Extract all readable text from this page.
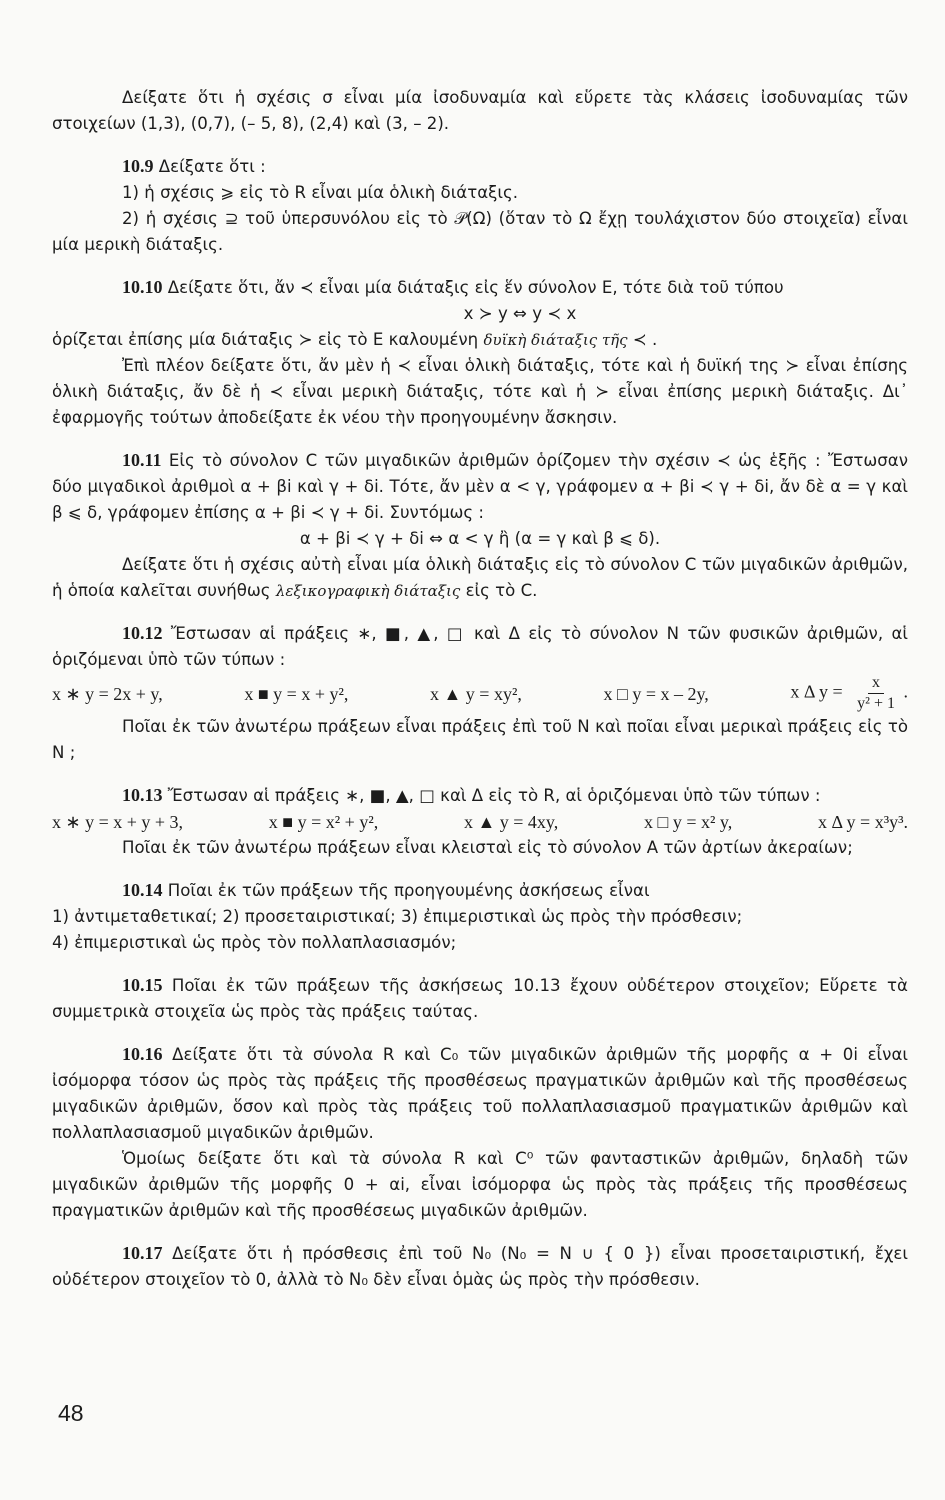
Δείξατε ὅτι ἡ σχέσις σ εἶναι μία ἰσοδυναμία καὶ εὕρετε τὰς κλάσεις ἰσοδυναμίας τῶν στοιχείων (1,3), (0,7), (– 5, 8), (2,4) καὶ (3, – 2).

10.9 Δείξατε ὅτι :

1) ἡ σχέσις ⩾ εἰς τὸ R εἶναι μία ὁλικὴ διάταξις.

2) ἡ σχέσις ⊇ τοῦ ὑπερσυνόλου εἰς τὸ 𝒫(Ω) (ὅταν τὸ Ω ἔχῃ τουλάχιστον δύο στοιχεῖα) εἶναι μία μερικὴ διάταξις.

10.10 Δείξατε ὅτι, ἄν ≺ εἶναι μία διάταξις εἰς ἕν σύνολον Ε, τότε διὰ τοῦ τύπου

x ≻ y ⇔ y ≺ x

ὁρίζεται ἐπίσης μία διάταξις ≻ εἰς τὸ Ε καλουμένη δυϊκὴ διάταξις τῆς ≺ .

Ἐπὶ πλέον δείξατε ὅτι, ἄν μὲν ἡ ≺ εἶναι ὁλικὴ διάταξις, τότε καὶ ἡ δυϊκή της ≻ εἶναι ἐπίσης ὁλικὴ διάταξις, ἄν δὲ ἡ ≺ εἶναι μερικὴ διάταξις, τότε καὶ ἡ ≻ εἶναι ἐπίσης μερικὴ διάταξις. Δι᾽ ἐφαρμογῆς τούτων ἀποδείξατε ἐκ νέου τὴν προηγουμένην ἄσκησιν.

10.11 Εἰς τὸ σύνολον C τῶν μιγαδικῶν ἀριθμῶν ὁρίζομεν τὴν σχέσιν ≺ ὡς ἑξῆς : Ἔστωσαν δύο μιγαδικοὶ ἀριθμοὶ α + βi καὶ γ + δi. Τότε, ἄν μὲν α < γ, γράφομεν α + βi ≺ γ + δi, ἄν δὲ α = γ καὶ β ⩽ δ, γράφομεν ἐπίσης α + βi ≺ γ + δi. Συντόμως :

α + βi ≺ γ + δi ⇔ α < γ ἢ (α = γ καὶ β ⩽ δ).

Δείξατε ὅτι ἡ σχέσις αὐτὴ εἶναι μία ὁλικὴ διάταξις εἰς τὸ σύνολον C τῶν μιγαδικῶν ἀριθμῶν, ἡ ὁποία καλεῖται συνήθως λεξικογραφικὴ διάταξις εἰς τὸ C.

10.12 Ἔστωσαν αἱ πράξεις ∗, ■, ▲, □ καὶ Δ εἰς τὸ σύνολον N τῶν φυσικῶν ἀριθμῶν, αἱ ὁριζόμεναι ὑπὸ τῶν τύπων :

x ∗ y = 2x + y,	x ■ y = x + y²,	x ▲ y = xy²,	x □ y = x – 2y,	x Δ $y = \frac{x}{\text{y² + 1}}$ .

Ποῖαι ἐκ τῶν ἀνωτέρω πράξεων εἶναι πράξεις ἐπὶ τοῦ N καὶ ποῖαι εἶναι μερικαὶ πράξεις εἰς τὸ N ;

10.13 Ἔστωσαν αἱ πράξεις ∗, ■, ▲, □ καὶ Δ εἰς τὸ R, αἱ ὁριζόμεναι ὑπὸ τῶν τύπων :

x ∗ y = x + y + 3,	x ■ y = x² + y²,	x ▲ y = 4xy,	x □ y = x² y,	x Δ y = x³y³.

Ποῖαι ἐκ τῶν ἀνωτέρω πράξεων εἶναι κλεισταὶ εἰς τὸ σύνολον A τῶν ἀρτίων ἀκεραίων;

10.14 Ποῖαι ἐκ τῶν πράξεων τῆς προηγουμένης ἀσκήσεως εἶναι

1) ἀντιμεταθετικαί; 2) προσεταιριστικαί; 3) ἐπιμεριστικαὶ ὡς πρὸς τὴν πρόσθεσιν;

4) ἐπιμεριστικαὶ ὡς πρὸς τὸν πολλαπλασιασμόν;

10.15 Ποῖαι ἐκ τῶν πράξεων τῆς ἀσκήσεως 10.13 ἔχουν οὐδέτερον στοιχεῖον; Εὕρετε τὰ συμμετρικὰ στοιχεῖα ὡς πρὸς τὰς πράξεις ταύτας.

10.16 Δείξατε ὅτι τὰ σύνολα R καὶ C₀ τῶν μιγαδικῶν ἀριθμῶν τῆς μορφῆς α + 0i εἶναι ἰσόμορφα τόσον ὡς πρὸς τὰς πράξεις τῆς προσθέσεως πραγματικῶν ἀριθμῶν καὶ τῆς προσθέσεως μιγαδικῶν ἀριθμῶν, ὅσον καὶ πρὸς τὰς πράξεις τοῦ πολλαπλασιασμοῦ πραγματικῶν ἀριθμῶν καὶ πολλαπλασιασμοῦ μιγαδικῶν ἀριθμῶν.

Ὁμοίως δείξατε ὅτι καὶ τὰ σύνολα R καὶ C⁰ τῶν φανταστικῶν ἀριθμῶν, δηλαδὴ τῶν μιγαδικῶν ἀριθμῶν τῆς μορφῆς 0 + αi, εἶναι ἰσόμορφα ὡς πρὸς τὰς πράξεις τῆς προσθέσεως πραγματικῶν ἀριθμῶν καὶ τῆς προσθέσεως μιγαδικῶν ἀριθμῶν.

10.17 Δείξατε ὅτι ἡ πρόσθεσις ἐπὶ τοῦ N₀ (N₀ = N ∪ { 0 }) εἶναι προσεταιριστική, ἔχει οὐδέτερον στοιχεῖον τὸ 0, ἀλλὰ τὸ N₀ δὲν εἶναι ὁμὰς ὡς πρὸς τὴν πρόσθεσιν.

48
